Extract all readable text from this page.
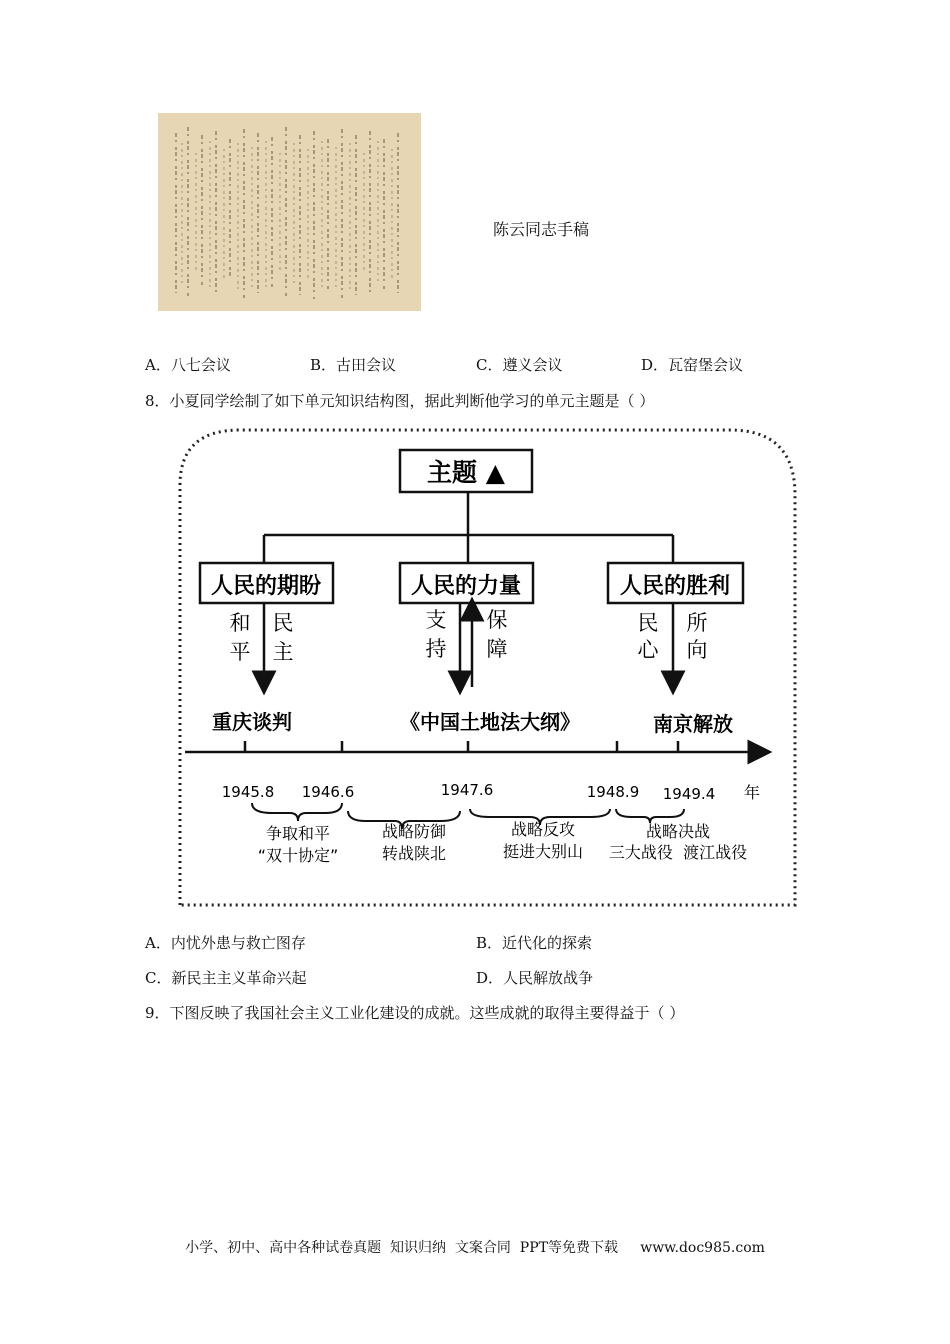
陈云同志手稿
A．八七会议	B．古田会议	C．遵义会议	D．瓦窑堡会议
8．小夏同学绘制了如下单元知识结构图，据此判断他学习的单元主题是（ ）
主题 ▲
人民的期盼	人民的力量	人民的胜利
和
平
民
主
支
持
保
障
民
心
所
向
重庆谈判	《中国土地法大纲》	南京解放
1945.8 1946.6	1947.6	1948.9 1949.4 年
争取和平
“双十协定”
战略防御
转战陕北
战略反攻
挺进大别山
战略决战
三大战役  渡江战役
A．内忧外患与救亡图存	B．近代化的探索
C．新民主主义革命兴起	D．人民解放战争
9．下图反映了我国社会主义工业化建设的成就。这些成就的取得主要得益于（ ）
小学、初中、高中各种试卷真题  知识归纳  文案合同  PPT等免费下载     www.doc985.com
